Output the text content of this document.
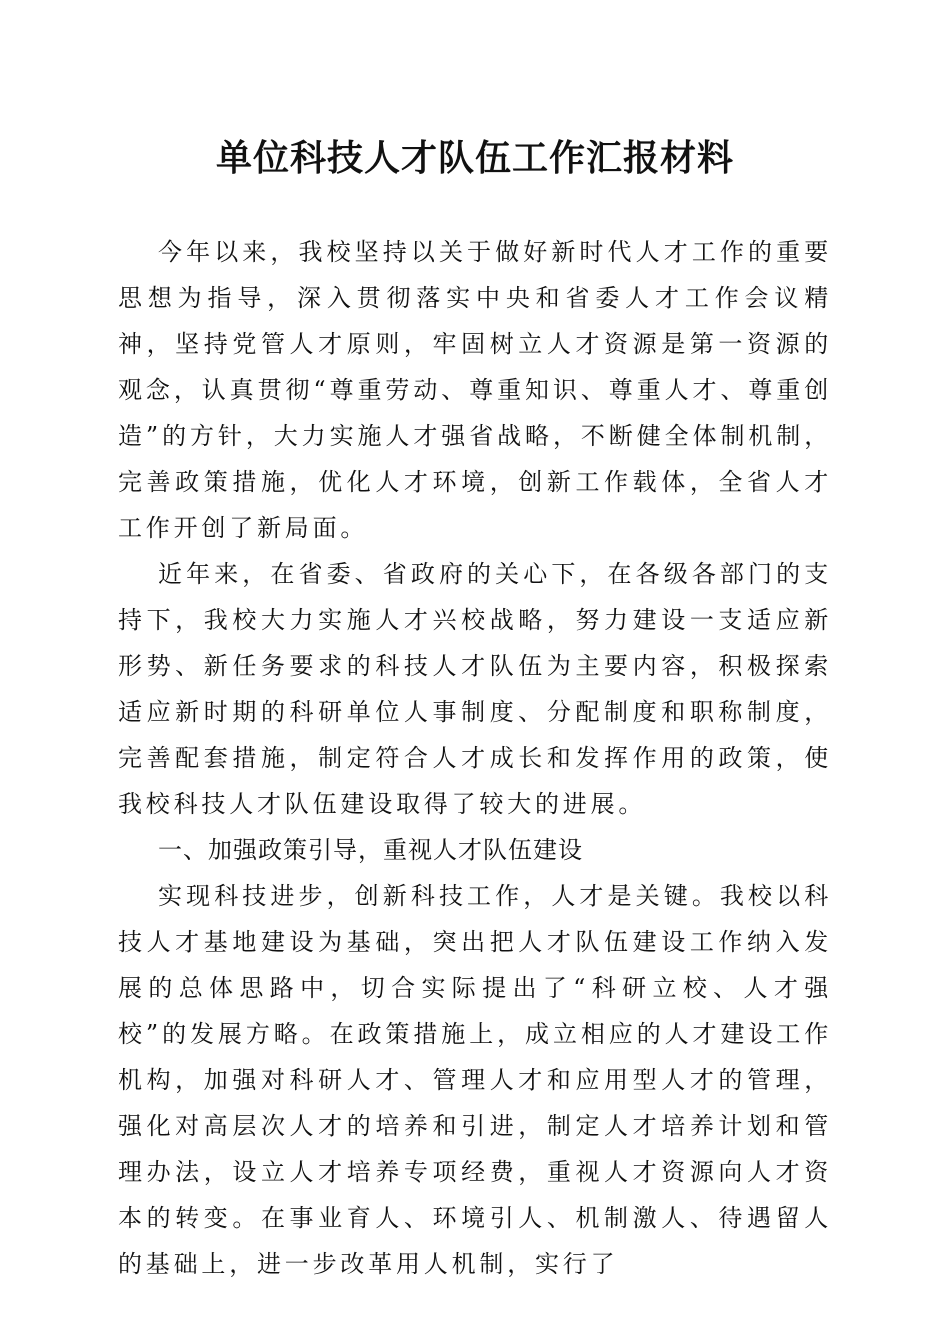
单位科技人才队伍工作汇报材料

今年以来，我校坚持以关于做好新时代人才工作的重要思想为指导，深入贯彻落实中央和省委人才工作会议精神，坚持党管人才原则，牢固树立人才资源是第一资源的观念，认真贯彻“尊重劳动、尊重知识、尊重人才、尊重创造”的方针，大力实施人才强省战略，不断健全体制机制，完善政策措施，优化人才环境，创新工作载体，全省人才工作开创了新局面。

近年来，在省委、省政府的关心下，在各级各部门的支持下，我校大力实施人才兴校战略，努力建设一支适应新形势、新任务要求的科技人才队伍为主要内容，积极探索适应新时期的科研单位人事制度、分配制度和职称制度，完善配套措施，制定符合人才成长和发挥作用的政策，使我校科技人才队伍建设取得了较大的进展。

一、加强政策引导，重视人才队伍建设

实现科技进步，创新科技工作，人才是关键。我校以科技人才基地建设为基础，突出把人才队伍建设工作纳入发展的总体思路中，切合实际提出了“科研立校、人才强校”的发展方略。在政策措施上，成立相应的人才建设工作机构，加强对科研人才、管理人才和应用型人才的管理，强化对高层次人才的培养和引进，制定人才培养计划和管理办法，设立人才培养专项经费，重视人才资源向人才资本的转变。在事业育人、环境引人、机制激人、待遇留人的基础上，进一步改革用人机制，实行了
